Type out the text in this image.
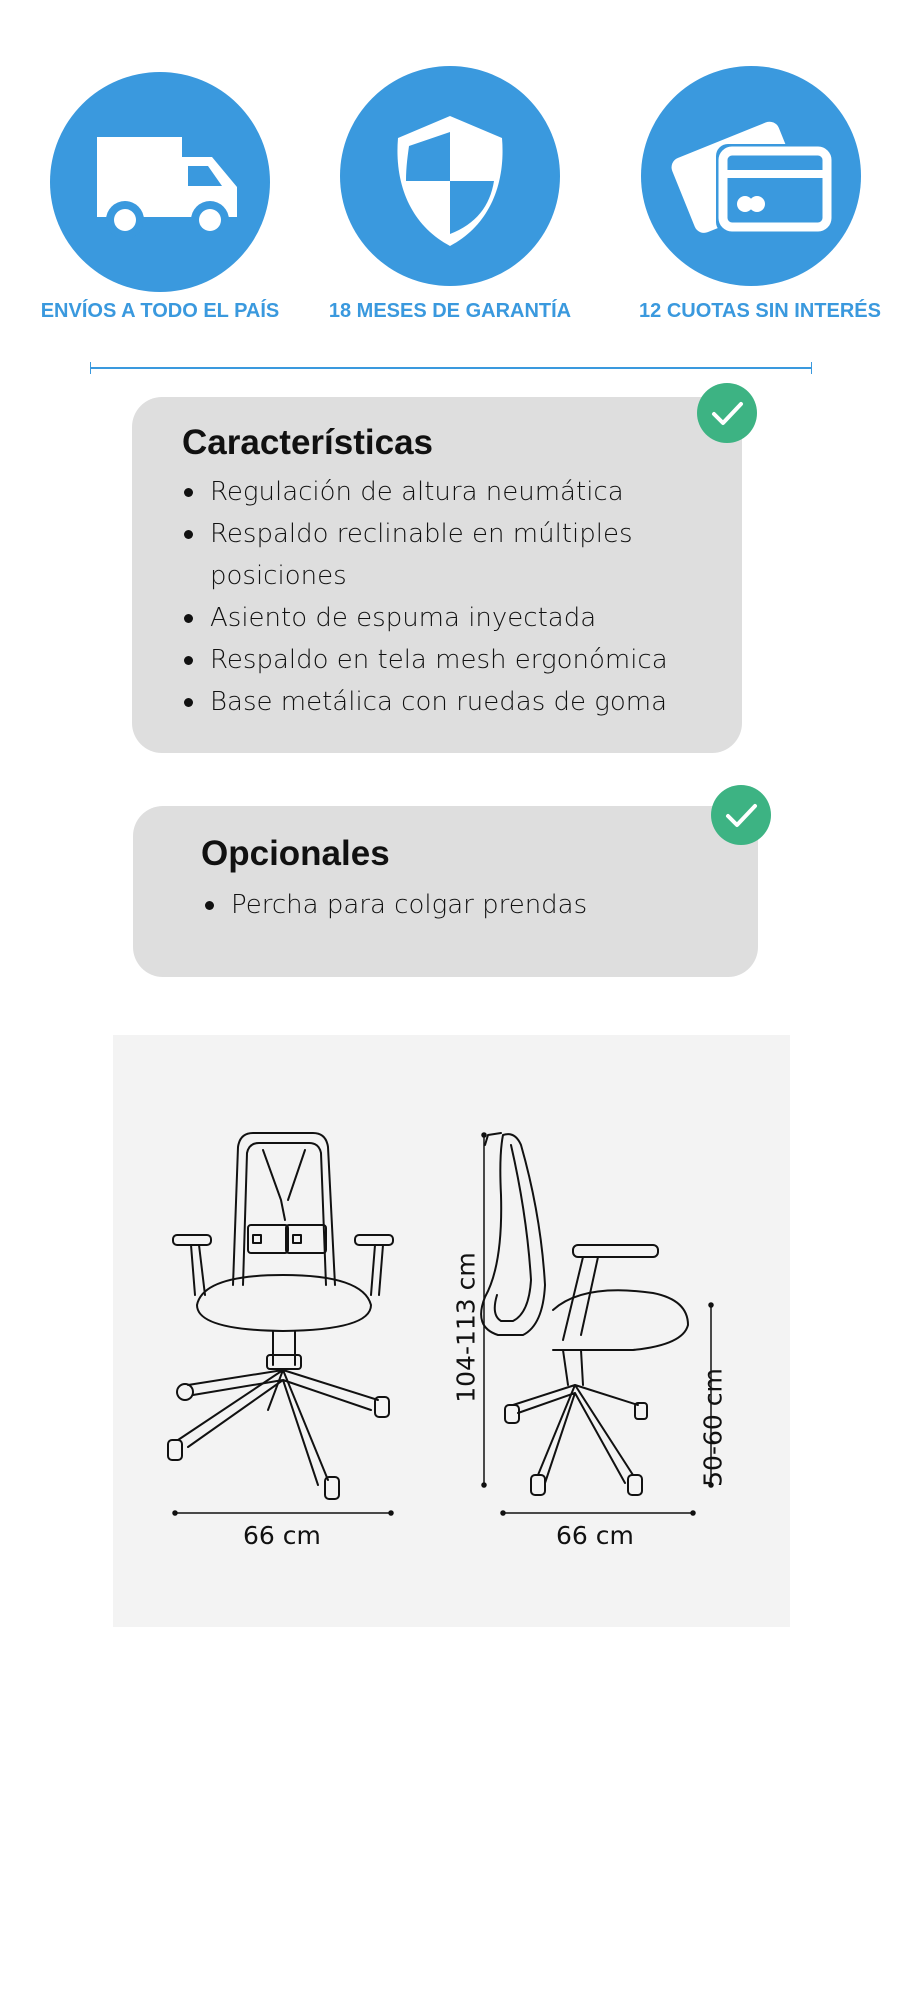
ENVÍOS A TODO EL PAÍS	18 MESES DE GARANTÍA	12 CUOTAS SIN INTERÉS
Características
Regulación de altura neumática
Respaldo reclinable en múltiples posiciones
Asiento de espuma inyectada
Respaldo en tela mesh ergonómica
Base metálica con ruedas de goma
Opcionales
Percha para colgar prendas
66 cm	66 cm
104-113 cm
50-60 cm
